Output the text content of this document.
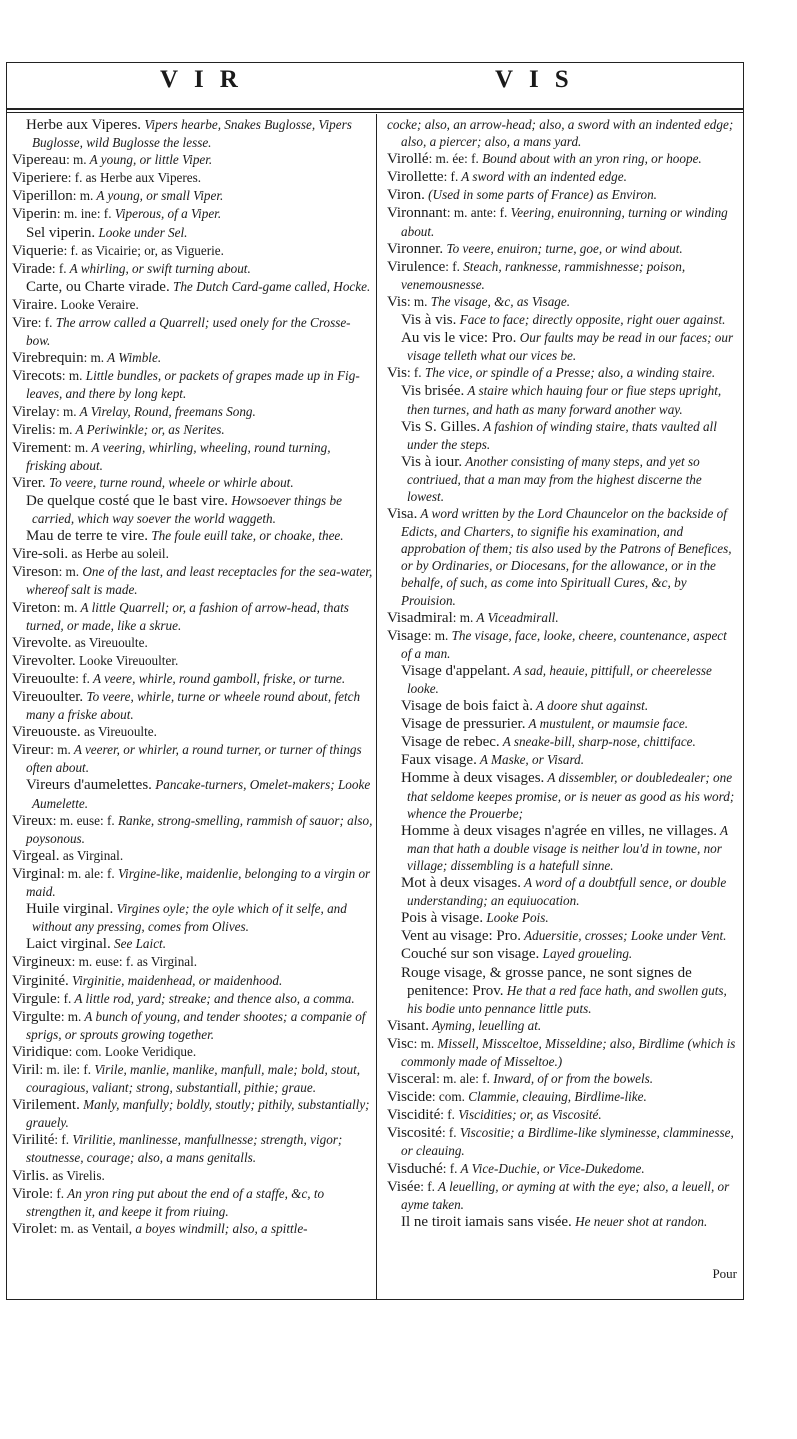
VIR	VIS
Herbe aux Viperes. Vipers hearbe, Snakes Buglosse, Vipers Buglosse, wild Buglosse the lesse.
Vipereau: m. A young, or little Viper.
Viperiere: f. as Herbe aux Viperes.
Viperillon: m. A young, or small Viper.
Viperin: m. ine: f. Viperous, of a Viper.
Sel viperin. Looke under Sel.
Viquerie: f. as Vicairie; or, as Viguerie.
Virade: f. A whirling, or swift turning about.
Carte, ou Charte virade. The Dutch Card-game called, Hocke.
Viraire. Looke Veraire.
Vire: f. The arrow called a Quarrell; used onely for the Crosse-bow.
Virebrequin: m. A Wimble.
Virecots: m. Little bundles, or packets of grapes made up in Fig-leaves, and there by long kept.
Virelay: m. A Virelay, Round, freemans Song.
Virelis: m. A Periwinkle; or, as Nerites.
Virement: m. A veering, whirling, wheeling, round turning, frisking about.
Virer. To veere, turne round, wheele or whirle about.
De quelque costé que le bast vire. Howsoever things be carried, which way soever the world waggeth.
Mau de terre te vire. The foule euill take, or choake, thee.
Vire-soli. as Herbe au soleil.
Vireson: m. One of the last, and least receptacles for the sea-water, whereof salt is made.
Vireton: m. A little Quarrell; or, a fashion of arrow-head, thats turned, or made, like a skrue.
Virevolte. as Vireuoulte.
Virevolter. Looke Vireuoulter.
Vireuoulte: f. A veere, whirle, round gamboll, friske, or turne.
Vireuoulter. To veere, whirle, turne or wheele round about, fetch many a friske about.
Vireuouste. as Vireuoulte.
Vireur: m. A veerer, or whirler, a round turner, or turner of things often about.
Vireurs d'aumelettes. Pancake-turners, Omelet-makers; Looke Aumelette.
Vireux: m. euse: f. Ranke, strong-smelling, rammish of sauor; also, poysonous.
Virgeal. as Virginal.
Virginal: m. ale: f. Virgine-like, maidenlie, belonging to a virgin or maid.
Huile virginal. Virgines oyle; the oyle which of it selfe, and without any pressing, comes from Olives.
Laict virginal. See Laict.
Virgineux: m. euse: f. as Virginal.
Virginité. Virginitie, maidenhead, or maidenhood.
Virgule: f. A little rod, yard; streake; and thence also, a comma.
Virgulte: m. A bunch of young, and tender shootes; a companie of sprigs, or sprouts growing together.
Viridique: com. Looke Veridique.
Viril: m. ile: f. Virile, manlie, manlike, manfull, male; bold, stout, couragious, valiant; strong, substantiall, pithie; graue.
Virilement. Manly, manfully; boldly, stoutly; pithily, substantially; grauely.
Virilité: f. Virilitie, manlinesse, manfullnesse; strength, vigor; stoutnesse, courage; also, a mans genitalls.
Virlis. as Virelis.
Virole: f. An yron ring put about the end of a staffe, &c, to strengthen it, and keepe it from riuing.
Virolet: m. as Ventail, a boyes windmill; also, a spittle-
cocke; also, an arrow-head; also, a sword with an indented edge; also, a piercer; also, a mans yard.
Virollé: m. ée: f. Bound about with an yron ring, or hoope.
Virollette: f. A sword with an indented edge.
Viron. (Used in some parts of France) as Environ.
Vironnant: m. ante: f. Veering, enuironning, turning or winding about.
Vironner. To veere, enuiron; turne, goe, or wind about.
Virulence: f. Steach, ranknesse, rammishnesse; poison, venemousnesse.
Vis: m. The visage, &c, as Visage.
Vis à vis. Face to face; directly opposite, right ouer against.
Au vis le vice: Pro. Our faults may be read in our faces; our visage telleth what our vices be.
Vis: f. The vice, or spindle of a Presse; also, a winding staire.
Vis brisée. A staire which hauing four or fiue steps upright, then turnes, and hath as many forward another way.
Vis S. Gilles. A fashion of winding staire, thats vaulted all under the steps.
Vis à iour. Another consisting of many steps, and yet so contriued, that a man may from the highest discerne the lowest.
Visa. A word written by the Lord Chauncelor on the backside of Edicts, and Charters, to signifie his examination, and approbation of them; tis also used by the Patrons of Benefices, or by Ordinaries, or Diocesans, for the allowance, or in the behalfe, of such, as come into Spirituall Cures, &c, by Prouision.
Visadmiral: m. A Viceadmirall.
Visage: m. The visage, face, looke, cheere, countenance, aspect of a man.
Visage d'appelant. A sad, heauie, pittifull, or cheerelesse looke.
Visage de bois faict à. A doore shut against.
Visage de pressurier. A mustulent, or maumsie face.
Visage de rebec. A sneake-bill, sharp-nose, chittiface.
Faux visage. A Maske, or Visard.
Homme à deux visages. A dissembler, or doubledealer; one that seldome keepes promise, or is neuer as good as his word; whence the Prouerbe;
Homme à deux visages n'agrée en villes, ne villages. A man that hath a double visage is neither lou'd in towne, nor village; dissembling is a hatefull sinne.
Mot à deux visages. A word of a doubtfull sence, or double understanding; an equiuocation.
Pois à visage. Looke Pois.
Vent au visage: Pro. Aduersitie, crosses; Looke under Vent.
Couché sur son visage. Layed groueling.
Rouge visage, & grosse pance, ne sont signes de penitence: Prov. He that a red face hath, and swollen guts, his bodie unto pennance little puts.
Visant. Ayming, leuelling at.
Visc: m. Missell, Missceltoe, Misseldine; also, Birdlime (which is commonly made of Misseltoe.)
Visceral: m. ale: f. Inward, of or from the bowels.
Viscide: com. Clammie, cleauing, Birdlime-like.
Viscidité: f. Viscidities; or, as Viscosité.
Viscosité: f. Viscositie; a Birdlime-like slyminesse, clamminesse, or cleauing.
Visduché: f. A Vice-Duchie, or Vice-Dukedome.
Visée: f. A leuelling, or ayming at with the eye; also, a leuell, or ayme taken.
Il ne tiroit iamais sans visée. He neuer shot at randon.
Pour
